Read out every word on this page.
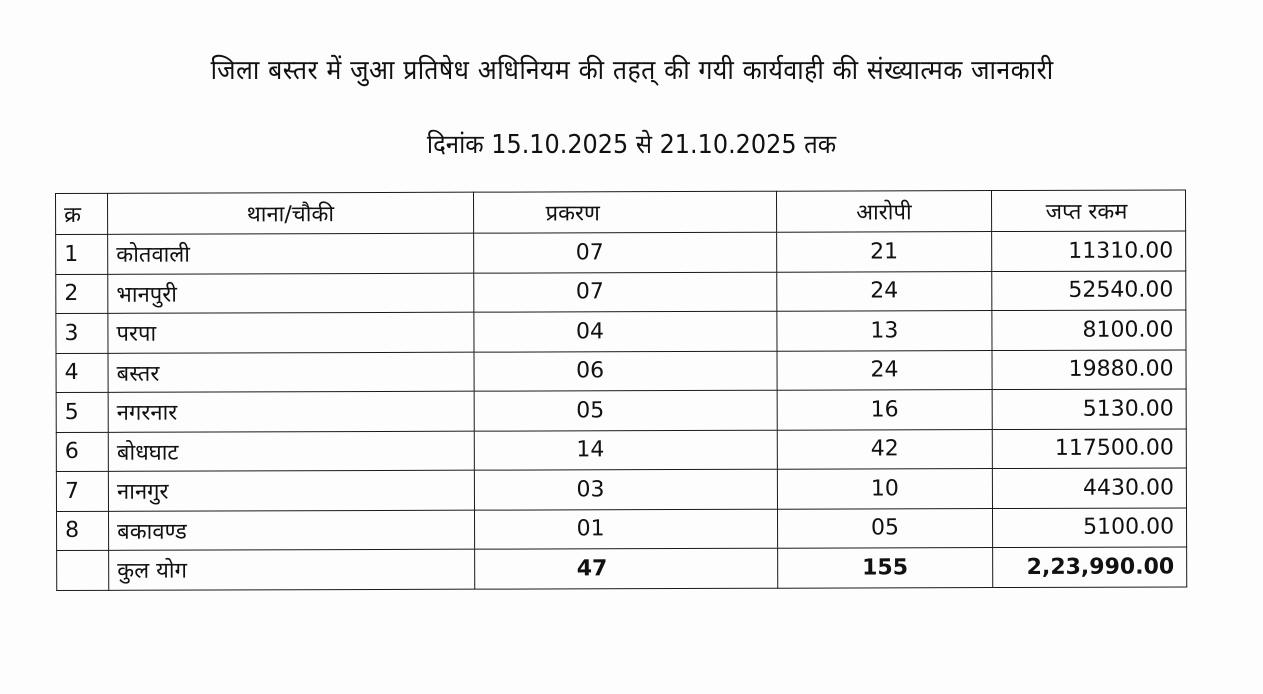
जिला बस्तर में जुआ प्रतिषेध अधिनियम की तहत् की गयी कार्यवाही की संख्यात्मक जानकारी
दिनांक 15.10.2025 से 21.10.2025 तक
क्र	थाना/चौकी	प्रकरण	आरोपी	जप्त रकम
1	कोतवाली	07	21	11310.00
2	भानपुरी	07	24	52540.00
3	परपा	04	13	8100.00
4	बस्तर	06	24	19880.00
5	नगरनार	05	16	5130.00
6	बोधघाट	14	42	117500.00
7	नानगुर	03	10	4430.00
8	बकावण्ड	01	05	5100.00
	कुल योग	47	155	2,23,990.00
